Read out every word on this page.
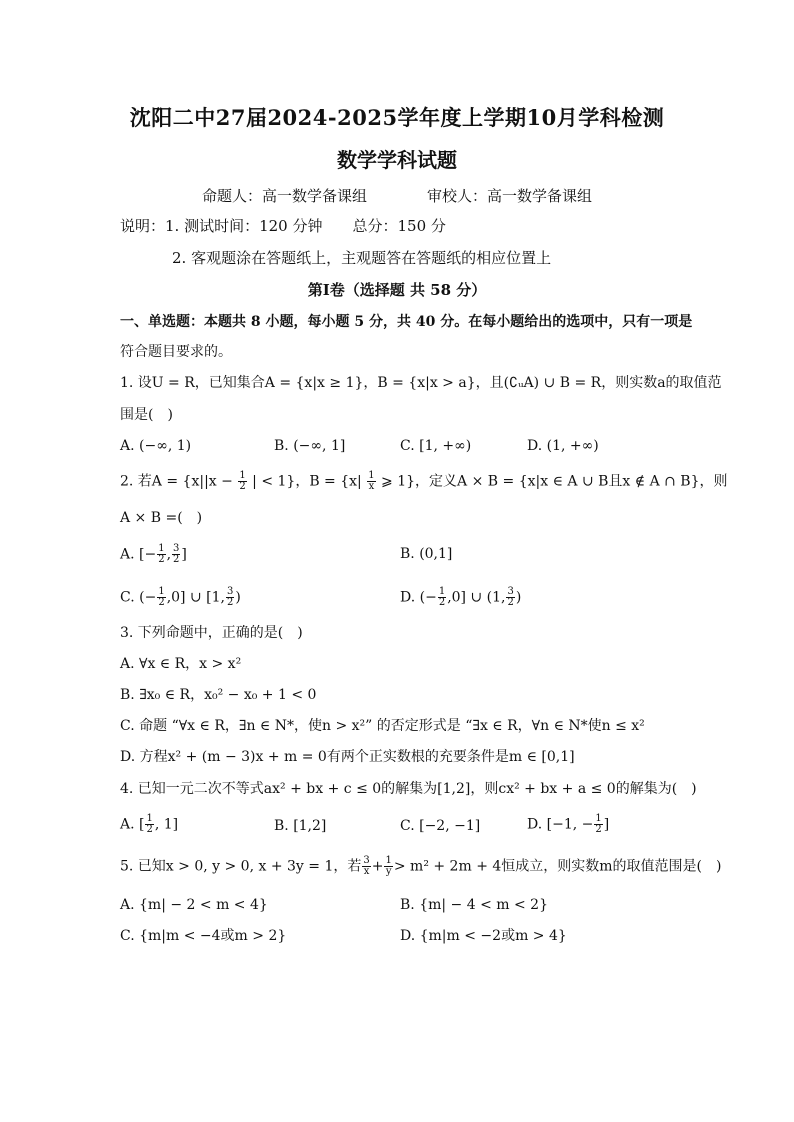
沈阳二中27届2024-2025学年度上学期10月学科检测
数学学科试题
命题人：高一数学备课组　　　　审校人：高一数学备课组
说明：1. 测试时间：120 分钟　　总分：150 分
2. 客观题涂在答题纸上，主观题答在答题纸的相应位置上
第Ⅰ卷（选择题 共 58 分）
一、单选题：本题共 8 小题，每小题 5 分，共 40 分。在每小题给出的选项中，只有一项是
符合题目要求的。
1. 设U = R，已知集合A = {x|x ≥ 1}，B = {x|x > a}，且(∁ᵤA) ∪ B = R，则实数a的取值范
围是(　)
A. (−∞, 1)	B. (−∞, 1]	C. [1, +∞)	D. (1, +∞)
2. 若$A = \{x||x - \frac{1}{2}$ | < 1}，$B = \{x| \frac{1}{x}$ ⩾ 1}，定义A × B = {x|x ∈ A ∪ B且x ∉ A ∩ B}，则
A × B =(　)
A. [− $\frac{1}{2}$ , $\frac{3}{2}$ ]	B. (0,1]
C. (− $\frac{1}{2} ,0$] ∪ [1, $\frac{3}{2}$ )	D. (− $\frac{1}{2} ,0$] ∪ (1, $\frac{3}{2}$ )
3. 下列命题中，正确的是(　)
A. ∀x ∈ R，x > x²
B. ∃x₀ ∈ R，x₀² − x₀ + 1 < 0
C. 命题 “∀x ∈ R，∃n ∈ N*，使n > x²” 的否定形式是 “∃x ∈ R，∀n ∈ N*使n ≤ x²
D. 方程x² + (m − 3)x + m = 0有两个正实数根的充要条件是m ∈ [0,1]
4. 已知一元二次不等式ax² + bx + c ≤ 0的解集为[1,2]，则cx² + bx + a ≤ 0的解集为(　)
A. [ $\frac{1}{2}$ , 1]	B. [1,2]	C. [−2, −1]	D. [−1, − $\frac{1}{2}$ ]
5. 已知x > 0, y > 0, x + 3y = 1，若 $\frac{3}{x} + \frac{1}{y} > m^2 + 2m + 4$恒成立，则实数m的取值范围是(　)
A. {m| − 2 < m < 4}	B. {m| − 4 < m < 2}
C. {m|m < −4或m > 2}	D. {m|m < −2或m > 4}
